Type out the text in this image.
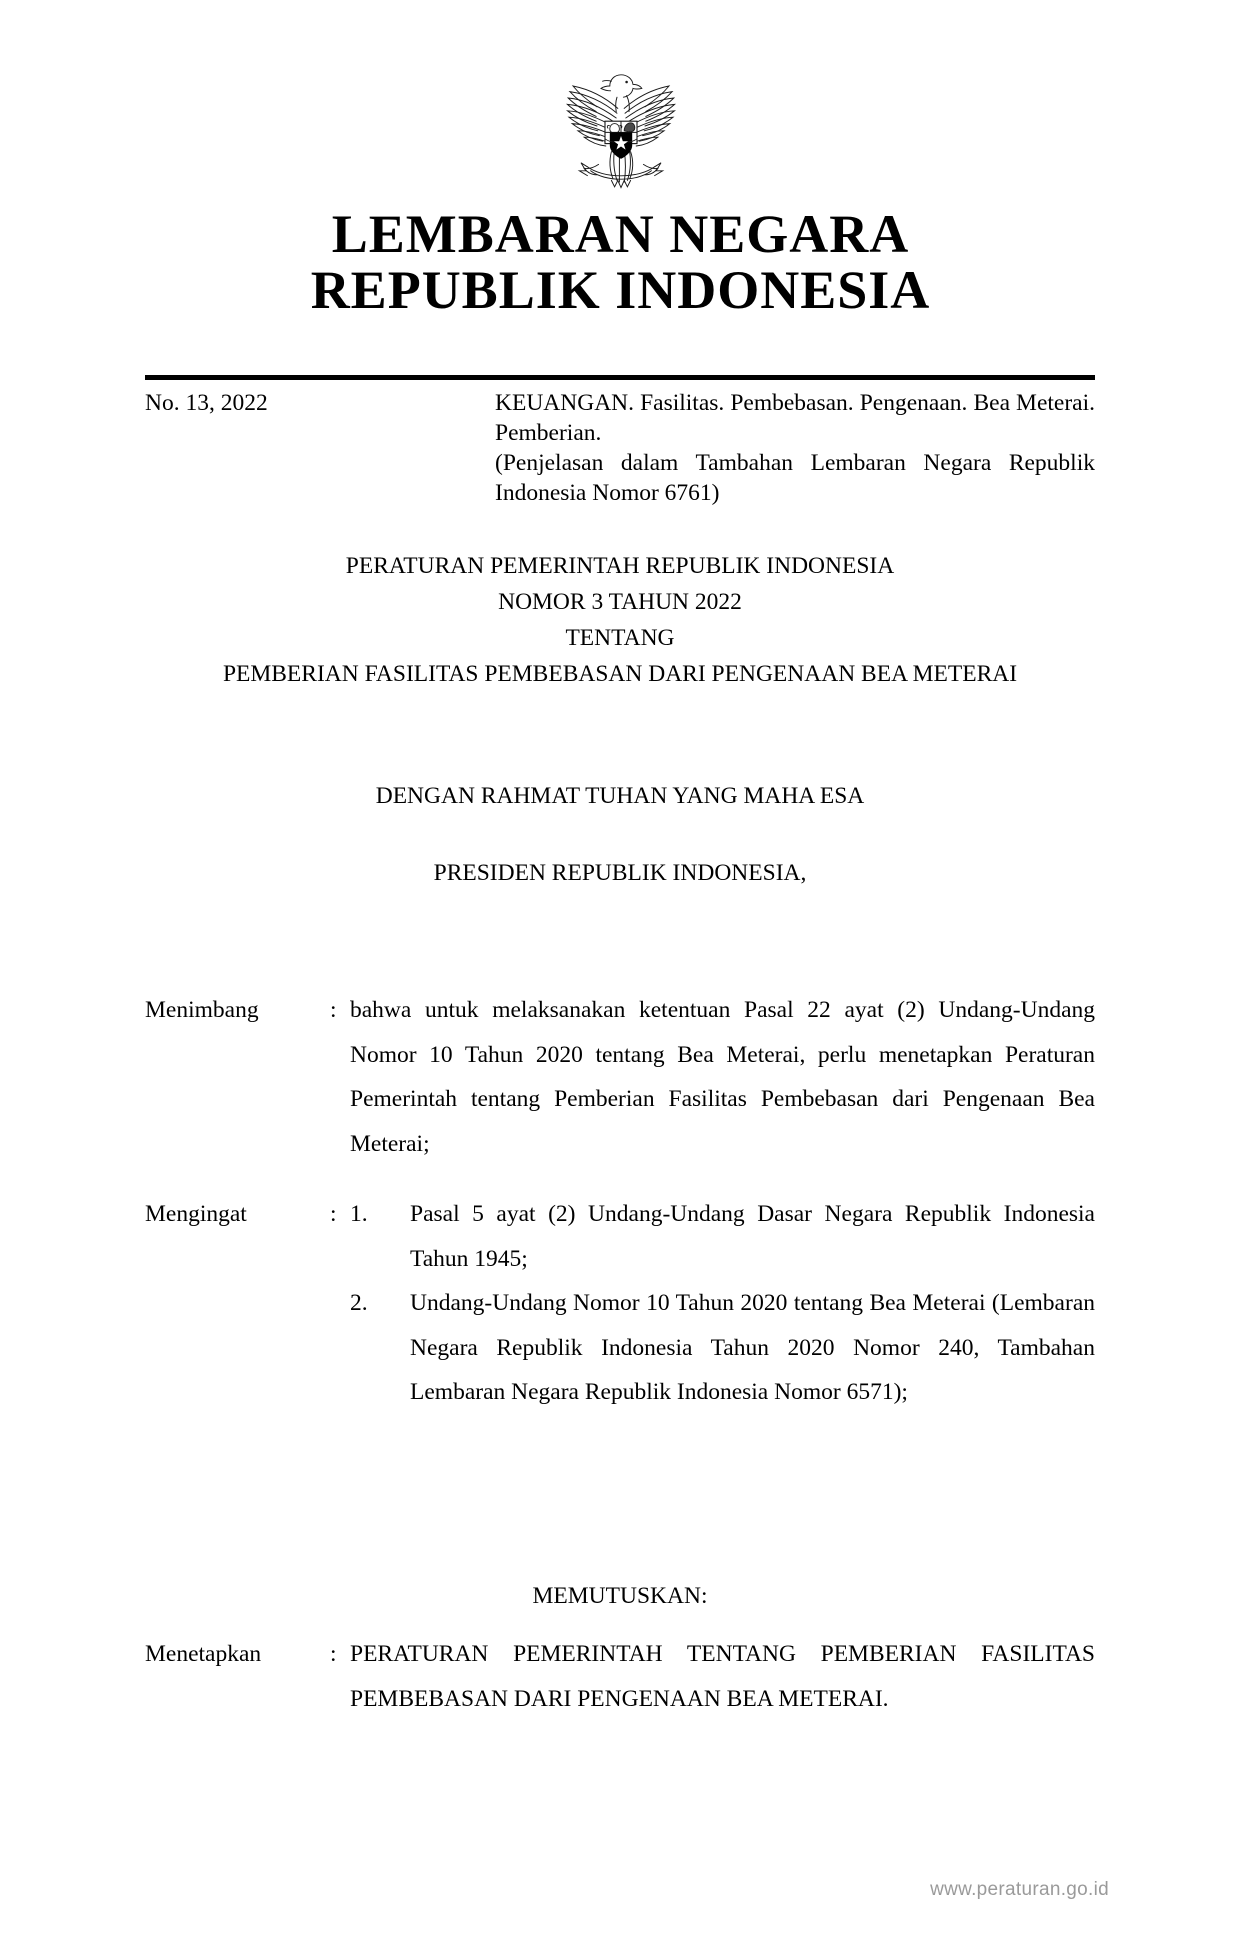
LEMBARAN NEGARA
REPUBLIK INDONESIA
No. 13, 2022	KEUANGAN. Fasilitas. Pembebasan. Pengenaan. Bea Meterai. Pemberian.
(Penjelasan dalam Tambahan Lembaran Negara Republik Indonesia Nomor 6761)
PERATURAN PEMERINTAH REPUBLIK INDONESIA
NOMOR 3 TAHUN 2022
TENTANG
PEMBERIAN FASILITAS PEMBEBASAN DARI PENGENAAN BEA METERAI
DENGAN RAHMAT TUHAN YANG MAHA ESA
PRESIDEN REPUBLIK INDONESIA,
Menimbang	: bahwa untuk melaksanakan ketentuan Pasal 22 ayat (2) Undang-Undang Nomor 10 Tahun 2020 tentang Bea Meterai, perlu menetapkan Peraturan Pemerintah tentang Pemberian Fasilitas Pembebasan dari Pengenaan Bea Meterai;
Mengingat	: 1.	Pasal 5 ayat (2) Undang-Undang Dasar Negara Republik Indonesia Tahun 1945;
2.	Undang-Undang Nomor 10 Tahun 2020 tentang Bea Meterai (Lembaran Negara Republik Indonesia Tahun 2020 Nomor 240, Tambahan Lembaran Negara Republik Indonesia Nomor 6571);
MEMUTUSKAN:
Menetapkan	: PERATURAN PEMERINTAH TENTANG PEMBERIAN FASILITAS PEMBEBASAN DARI PENGENAAN BEA METERAI.
www.peraturan.go.id
